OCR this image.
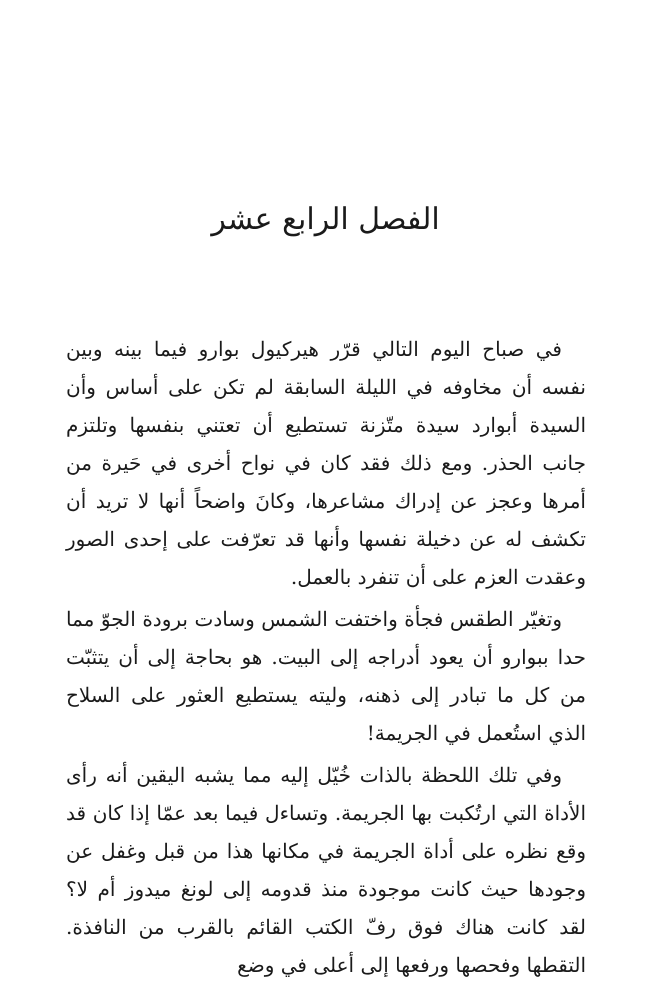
الفصل الرابع عشر

في صباح اليوم التالي قرّر هيركيول بوارو فيما بينه وبين نفسه أن مخاوفه في الليلة السابقة لم تكن على أساس وأن السيدة أبوارد سيدة متّزنة تستطيع أن تعتني بنفسها وتلتزم جانب الحذر. ومع ذلك فقد كان في نواح أخرى في حَيرة من أمرها وعجز عن إدراك مشاعرها، وكانَ واضحاً أنها لا تريد أن تكشف له عن دخيلة نفسها وأنها قد تعرّفت على إحدى الصور وعقدت العزم على أن تنفرد بالعمل.

وتغيّر الطقس فجأة واختفت الشمس وسادت برودة الجوّ مما حدا ببوارو أن يعود أدراجه إلى البيت. هو بحاجة إلى أن يتثبّت من كل ما تبادر إلى ذهنه، وليته يستطيع العثور على السلاح الذي استُعمل في الجريمة!

وفي تلك اللحظة بالذات خُيّل إليه مما يشبه اليقين أنه رأى الأداة التي ارتُكبت بها الجريمة. وتساءل فيما بعد عمّا إذا كان قد وقع نظره على أداة الجريمة في مكانها هذا من قبل وغفل عن وجودها حيث كانت موجودة منذ قدومه إلى لونغ ميدوز أم لا؟ لقد كانت هناك فوق رفّ الكتب القائم بالقرب من النافذة. التقطها وفحصها ورفعها إلى أعلى في وضع
